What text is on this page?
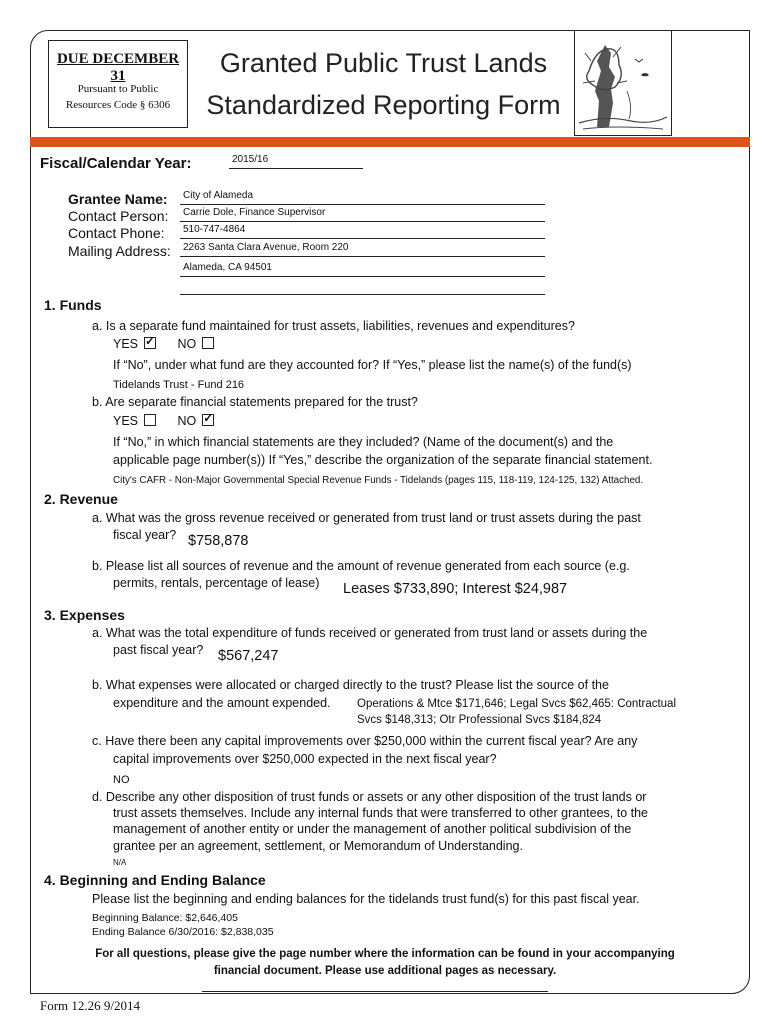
DUE DECEMBER 31
Pursuant to Public
Resources Code § 6306
Granted Public Trust Lands
Standardized Reporting Form
Fiscal/Calendar Year:	2015/16
Grantee Name:	City of Alameda
Contact Person:	Carrie Dole, Finance Supervisor
Contact Phone:	510-747-4864
Mailing Address:	2263 Santa Clara Avenue, Room 220
Alameda, CA 94501
1. Funds
a. Is a separate fund maintained for trust assets, liabilities, revenues and expenditures?
YES ✓	NO
If “No”, under what fund are they accounted for? If “Yes,” please list the name(s) of the fund(s)
Tidelands Trust - Fund 216
b. Are separate financial statements prepared for the trust?
YES	NO✓
If “No,” in which financial statements are they included? (Name of the document(s) and the
applicable page number(s)) If “Yes,” describe the organization of the separate financial statement.
City's CAFR - Non-Major Governmental Special Revenue Funds - Tidelands (pages 115, 118-119, 124-125, 132) Attached.
2. Revenue
a. What was the gross revenue received or generated from trust land or trust assets during the past
fiscal year? $758,878
b. Please list all sources of revenue and the amount of revenue generated from each source (e.g.
permits, rentals, percentage of lease) Leases $733,890; Interest $24,987
3. Expenses
a. What was the total expenditure of funds received or generated from trust land or assets during the
past fiscal year? $567,247
b. What expenses were allocated or charged directly to the trust? Please list the source of the
expenditure and the amount expended. Operations & Mtce $171,646; Legal Svcs $62,465: Contractual
Svcs $148,313; Otr Professional Svcs $184,824
c. Have there been any capital improvements over $250,000 within the current fiscal year? Are any
capital improvements over $250,000 expected in the next fiscal year?
NO
d. Describe any other disposition of trust funds or assets or any other disposition of the trust lands or
trust assets themselves. Include any internal funds that were transferred to other grantees, to the
management of another entity or under the management of another political subdivision of the
grantee per an agreement, settlement, or Memorandum of Understanding.
N/A
4. Beginning and Ending Balance
Please list the beginning and ending balances for the tidelands trust fund(s) for this past fiscal year.
Beginning Balance: $2,646,405
Ending Balance 6/30/2016: $2,838,035
For all questions, please give the page number where the information can be found in your accompanying
financial document. Please use additional pages as necessary.
Form 12.26 9/2014
